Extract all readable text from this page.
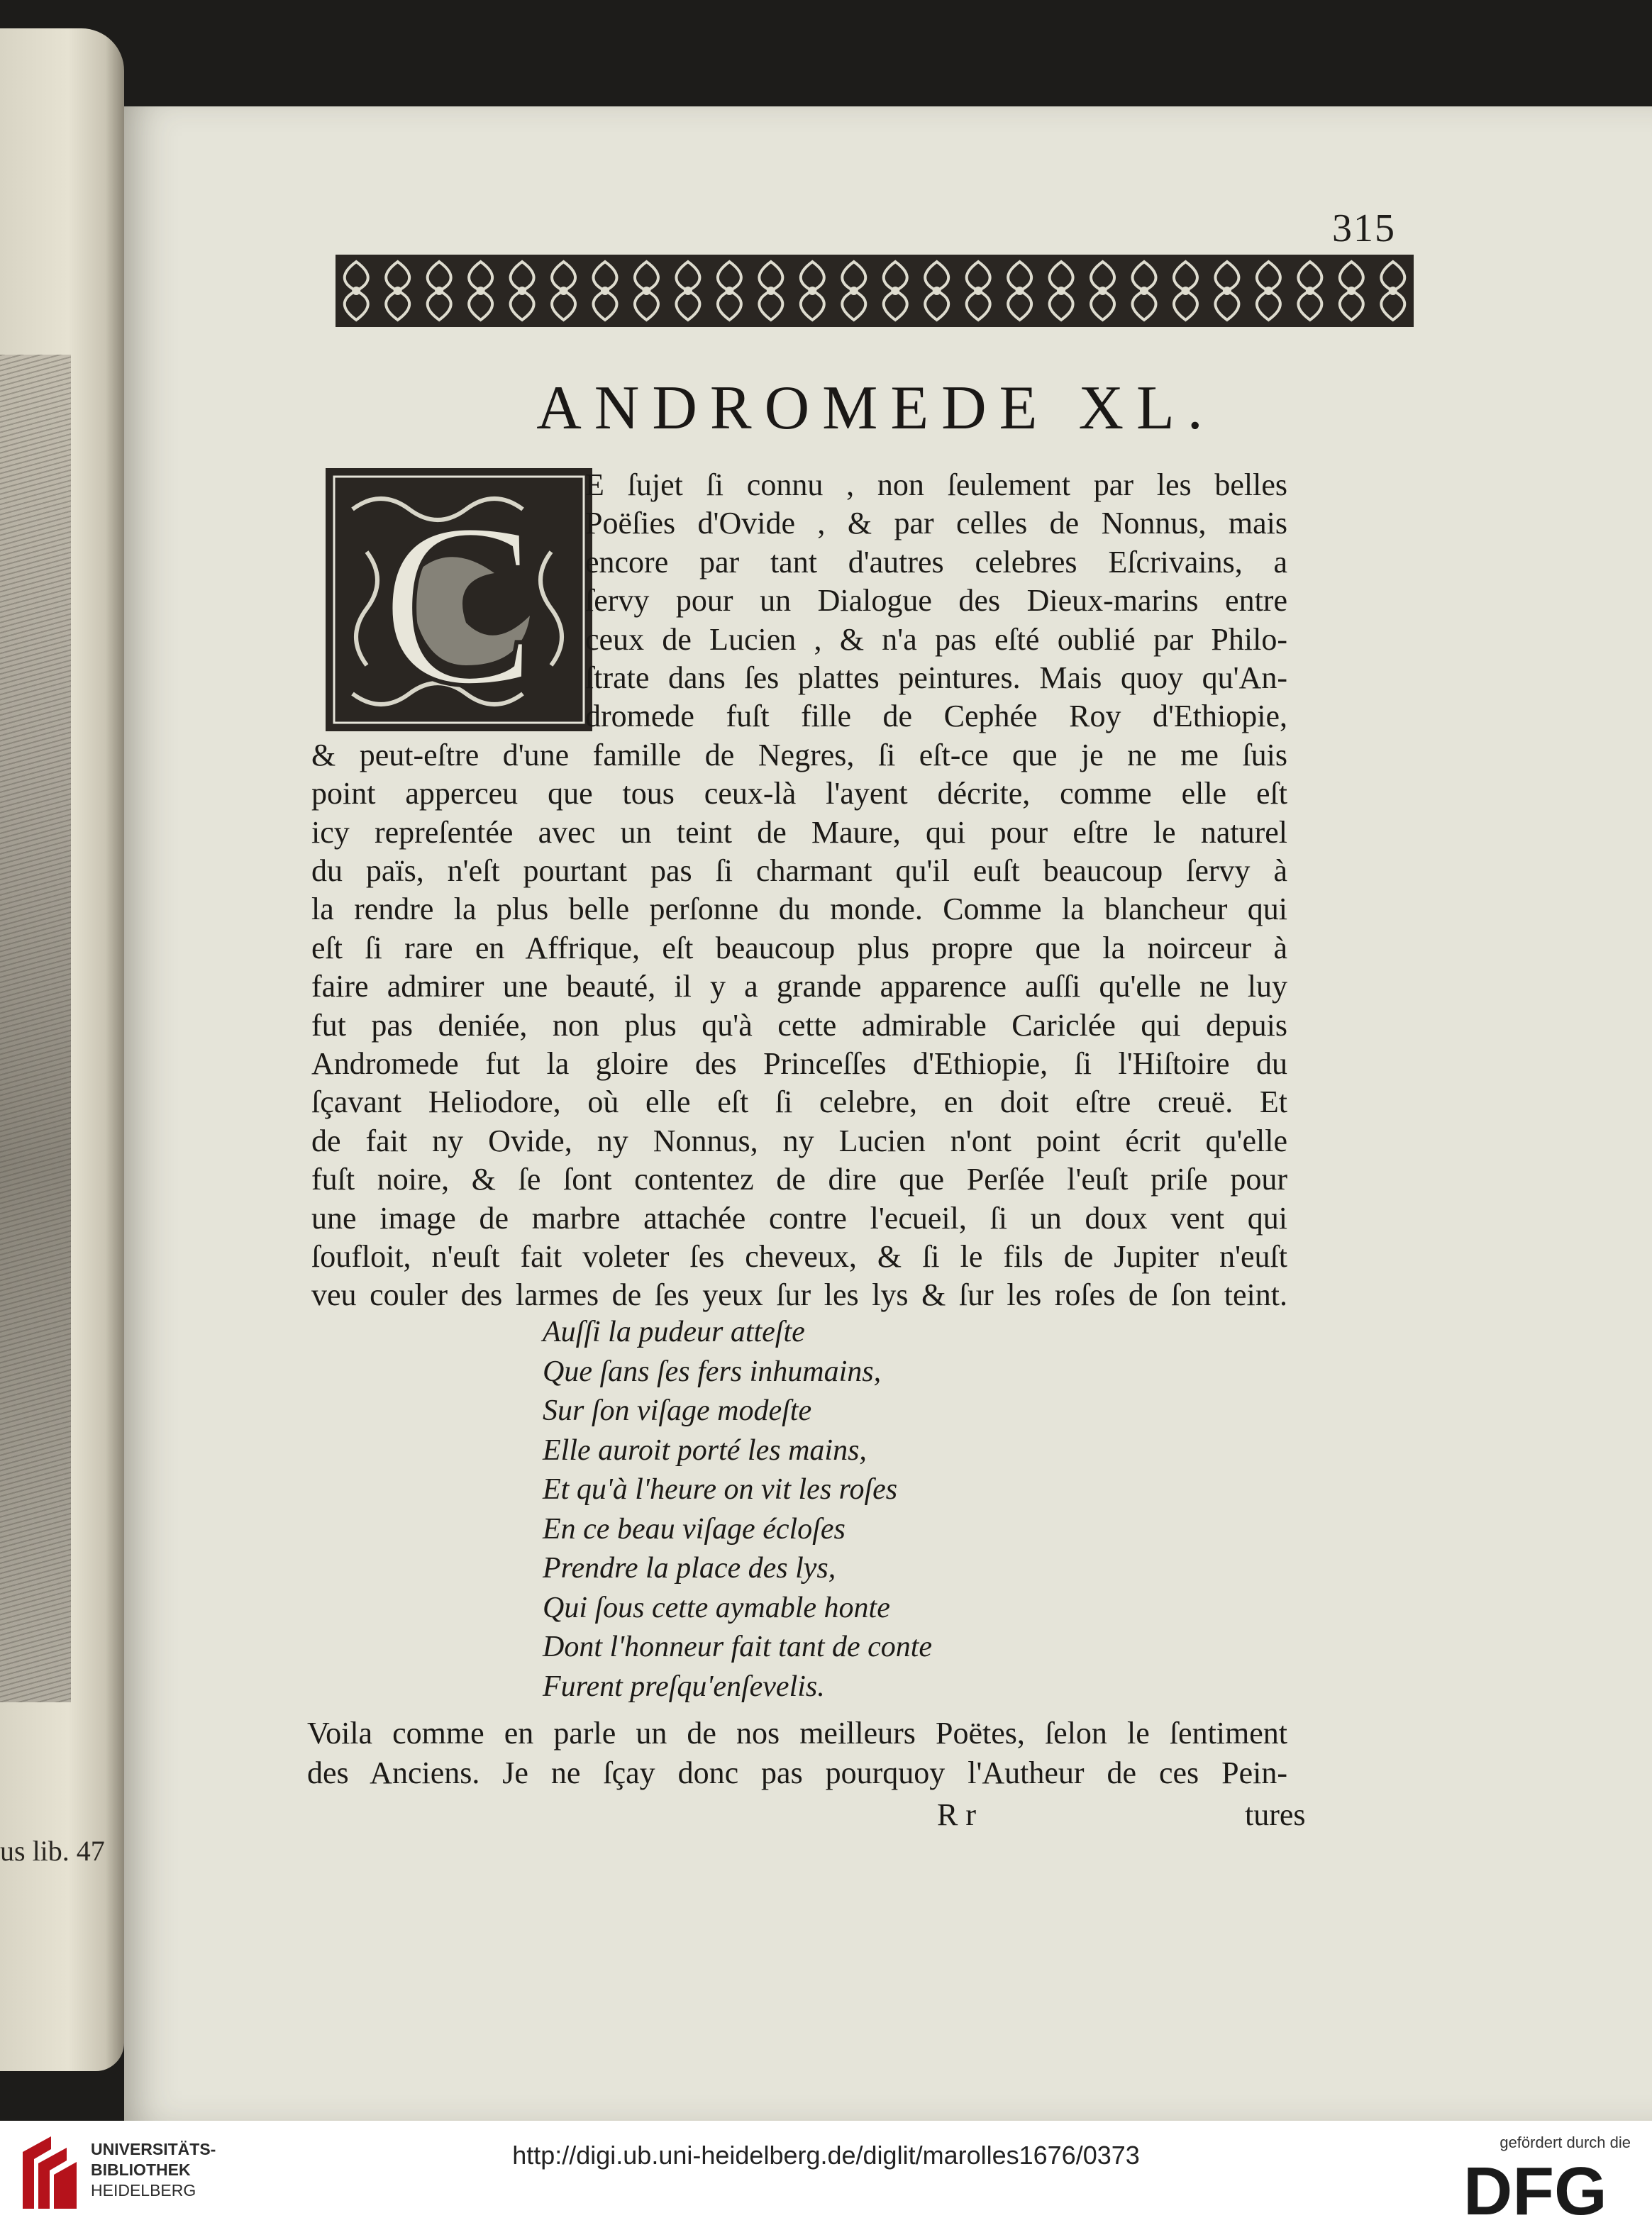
us lib. 47
315
ANDROMEDE XL.
C E ſujet ſi connu , non ſeulement par les belles
Poëſies d'Ovide , & par celles de Nonnus, mais
encore par tant d'autres celebres Eſcrivains, a
ſervy pour un Dialogue des Dieux-marins entre
ceux de Lucien , & n'a pas eſté oublié par Philo-
ſtrate dans ſes plattes peintures. Mais quoy qu'An-
dromede fuſt fille de Cephée Roy d'Ethiopie,
& peut-eſtre d'une famille de Negres, ſi eſt-ce que je ne me ſuis
point apperceu que tous ceux-là l'ayent décrite, comme elle eſt
icy repreſentée avec un teint de Maure, qui pour eſtre le naturel
du païs, n'eſt pourtant pas ſi charmant qu'il euſt beaucoup ſervy à
la rendre la plus belle perſonne du monde. Comme la blancheur qui
eſt ſi rare en Affrique, eſt beaucoup plus propre que la noirceur à
faire admirer une beauté, il y a grande apparence auſſi qu'elle ne luy
fut pas deniée, non plus qu'à cette admirable Cariclée qui depuis
Andromede fut la gloire des Princeſſes d'Ethiopie, ſi l'Hiſtoire du
ſçavant Heliodore, où elle eſt ſi celebre, en doit eſtre creuë. Et
de fait ny Ovide, ny Nonnus, ny Lucien n'ont point écrit qu'elle
fuſt noire, & ſe ſont contentez de dire que Perſée l'euſt priſe pour
une image de marbre attachée contre l'ecueil, ſi un doux vent qui
ſoufloit, n'euſt fait voleter ſes cheveux, & ſi le fils de Jupiter n'euſt
veu couler des larmes de ſes yeux ſur les lys & ſur les roſes de ſon teint.
Auſſi la pudeur atteſte
Que ſans ſes fers inhumains,
Sur ſon viſage modeſte
Elle auroit porté les mains,
Et qu'à l'heure on vit les roſes
En ce beau viſage écloſes
Prendre la place des lys,
Qui ſous cette aymable honte
Dont l'honneur fait tant de conte
Furent preſqu'enſevelis.
Voila comme en parle un de nos meilleurs Poëtes, ſelon le ſentiment
des Anciens. Je ne ſçay donc pas pourquoy l'Autheur de ces Pein-
R r	tures
UNIVERSITÄTS-
BIBLIOTHEK
HEIDELBERG
http://digi.ub.uni-heidelberg.de/diglit/marolles1676/0373	gefördert durch die
DFG
